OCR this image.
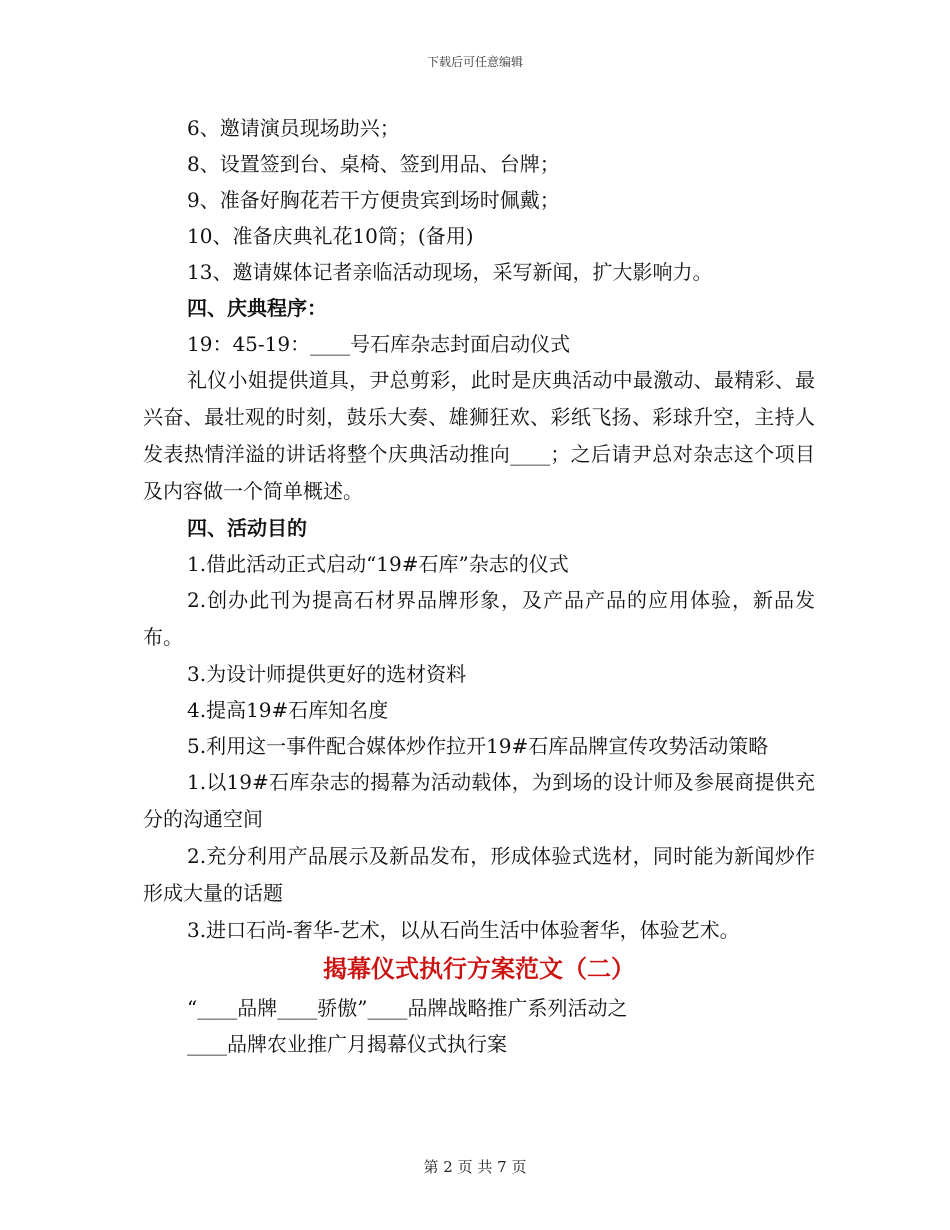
下载后可任意编辑
6、邀请演员现场助兴；
8、设置签到台、桌椅、签到用品、台牌；
9、准备好胸花若干方便贵宾到场时佩戴；
10、准备庆典礼花10筒；(备用)
13、邀请媒体记者亲临活动现场，采写新闻，扩大影响力。
四、庆典程序：
19：45-19：____号石库杂志封面启动仪式

礼仪小姐提供道具，尹总剪彩，此时是庆典活动中最激动、最精彩、最兴奋、最壮观的时刻，鼓乐大奏、雄狮狂欢、彩纸飞扬、彩球升空，主持人发表热情洋溢的讲话将整个庆典活动推向____；之后请尹总对杂志这个项目及内容做一个简单概述。

四、活动目的
1.借此活动正式启动“19#石库”杂志的仪式

2.创办此刊为提高石材界品牌形象，及产品产品的应用体验，新品发布。

3.为设计师提供更好的选材资料
4.提高19#石库知名度
5.利用这一事件配合媒体炒作拉开19#石库品牌宣传攻势活动策略

1.以19#石库杂志的揭幕为活动载体，为到场的设计师及参展商提供充分的沟通空间

2.充分利用产品展示及新品发布，形成体验式选材，同时能为新闻炒作形成大量的话题

3.进口石尚-奢华-艺术，以从石尚生活中体验奢华，体验艺术。
揭幕仪式执行方案范文（二）
“____品牌____骄傲”____品牌战略推广系列活动之
____品牌农业推广月揭幕仪式执行案
第 2 页 共 7 页
